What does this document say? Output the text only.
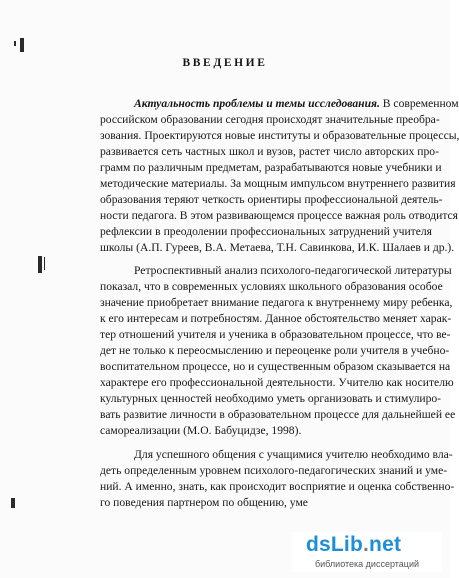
ВВЕДЕНИЕ
Актуальность проблемы и темы исследования. В современном
российском образовании сегодня происходят значительные преобра-
зования. Проектируются новые институты и образовательные процессы,
развивается сеть частных школ и вузов, растет число авторских про-
грамм по различным предметам, разрабатываются новые учебники и
методические материалы. За мощным импульсом внутреннего развития
образования теряют четкость ориентиры профессиональной деятель-
ности педагога. В этом развивающемся процессе важная роль отводится
рефлексии в преодолении профессиональных затруднений учителя
школы (А.П. Гуреев, В.А. Метаева, Т.Н. Савинкова, И.К. Шалаев и др.).
Ретроспективный анализ психолого-педагогической литературы
показал, что в современных условиях школьного образования особое
значение приобретает внимание педагога к внутреннему миру ребенка,
к его интересам и потребностям. Данное обстоятельство меняет харак-
тер отношений учителя и ученика в образовательном процессе, что ве-
дет не только к переосмыслению и переоценке роли учителя в учебно-
воспитательном процессе, но и существенным образом сказывается на
характере его профессиональной деятельности. Учителю как носителю
культурных ценностей необходимо уметь организовать и стимулиро-
вать развитие личности в образовательном процессе для дальнейшей ее
самореализации (М.О. Бабуцидзе, 1998).
Для успешного общения с учащимися учителю необходимо вла-
деть определенным уровнем психолого-педагогических знаний и уме-
ний. А именно, знать, как происходит восприятие и оценка собственно-
го поведения партнером по общению, уме
dsLib.net
библиотека диссертаций
